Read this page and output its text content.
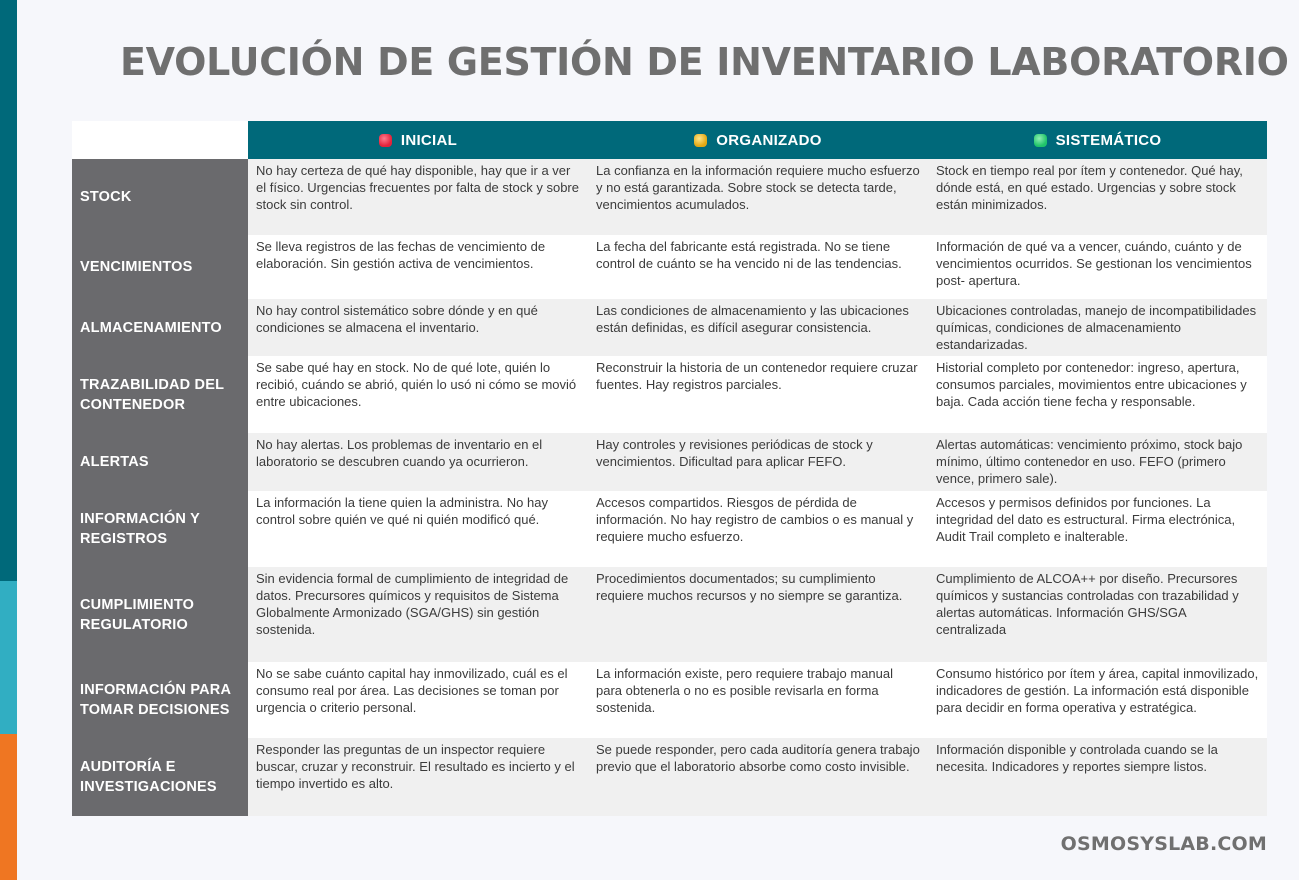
EVOLUCIÓN DE GESTIÓN DE INVENTARIO LABORATORIO
INICIAL	ORGANIZADO	SISTEMÁTICO
STOCK
No hay certeza de qué hay disponible, hay que ir a ver el físico. Urgencias frecuentes por falta de stock y sobre stock sin control.
La confianza en la información requiere mucho esfuerzo y no está garantizada. Sobre stock se detecta tarde, vencimientos acumulados.
Stock en tiempo real por ítem y contenedor. Qué hay, dónde está, en qué estado. Urgencias y sobre stock están minimizados.
VENCIMIENTOS
Se lleva registros de las fechas de vencimiento de elaboración. Sin gestión activa de vencimientos.
La fecha del fabricante está registrada. No se tiene control de cuánto se ha vencido ni de las tendencias.
Información de qué va a vencer, cuándo, cuánto y de vencimientos ocurridos. Se gestionan los vencimientos post- apertura.
ALMACENAMIENTO
No hay control sistemático sobre dónde y en qué condiciones se almacena el inventario.
Las condiciones de almacenamiento y las ubicaciones están definidas, es difícil asegurar consistencia.
Ubicaciones controladas, manejo de incompatibilidades químicas, condiciones de almacenamiento estandarizadas.
TRAZABILIDAD DEL CONTENEDOR
Se sabe qué hay en stock. No de qué lote, quién lo recibió, cuándo se abrió, quién lo usó ni cómo se movió entre ubicaciones.
Reconstruir la historia de un contenedor requiere cruzar fuentes. Hay registros parciales.
Historial completo por contenedor: ingreso, apertura, consumos parciales, movimientos entre ubicaciones y baja. Cada acción tiene fecha y responsable.
ALERTAS
No hay alertas. Los problemas de inventario en el laboratorio se descubren cuando ya ocurrieron.
Hay controles y revisiones periódicas de stock y vencimientos. Dificultad para aplicar FEFO.
Alertas automáticas: vencimiento próximo, stock bajo mínimo, último contenedor en uso. FEFO (primero vence, primero sale).
INFORMACIÓN Y REGISTROS
La información la tiene quien la administra. No hay control sobre quién ve qué ni quién modificó qué.
Accesos compartidos. Riesgos de pérdida de información. No hay registro de cambios o es manual y requiere mucho esfuerzo.
Accesos y permisos definidos por funciones. La integridad del dato es estructural. Firma electrónica, Audit Trail completo e inalterable.
CUMPLIMIENTO REGULATORIO
Sin evidencia formal de cumplimiento de integridad de datos. Precursores químicos y requisitos de Sistema Globalmente Armonizado (SGA/GHS) sin gestión sostenida.
Procedimientos documentados; su cumplimiento requiere muchos recursos y no siempre se garantiza.
Cumplimiento de ALCOA++ por diseño. Precursores químicos y sustancias controladas con trazabilidad y alertas automáticas. Información GHS/SGA centralizada
INFORMACIÓN PARA TOMAR DECISIONES
No se sabe cuánto capital hay inmovilizado, cuál es el consumo real por área. Las decisiones se toman por urgencia o criterio personal.
La información existe, pero requiere trabajo manual para obtenerla o no es posible revisarla en forma sostenida.
Consumo histórico por ítem y área, capital inmovilizado, indicadores de gestión. La información está disponible para decidir en forma operativa y estratégica.
AUDITORÍA E INVESTIGACIONES
Responder las preguntas de un inspector requiere buscar, cruzar y reconstruir. El resultado es incierto y el tiempo invertido es alto.
Se puede responder, pero cada auditoría genera trabajo previo que el laboratorio absorbe como costo invisible.
Información disponible y controlada cuando se la necesita. Indicadores y reportes siempre listos.
OSMOSYSLAB.COM
